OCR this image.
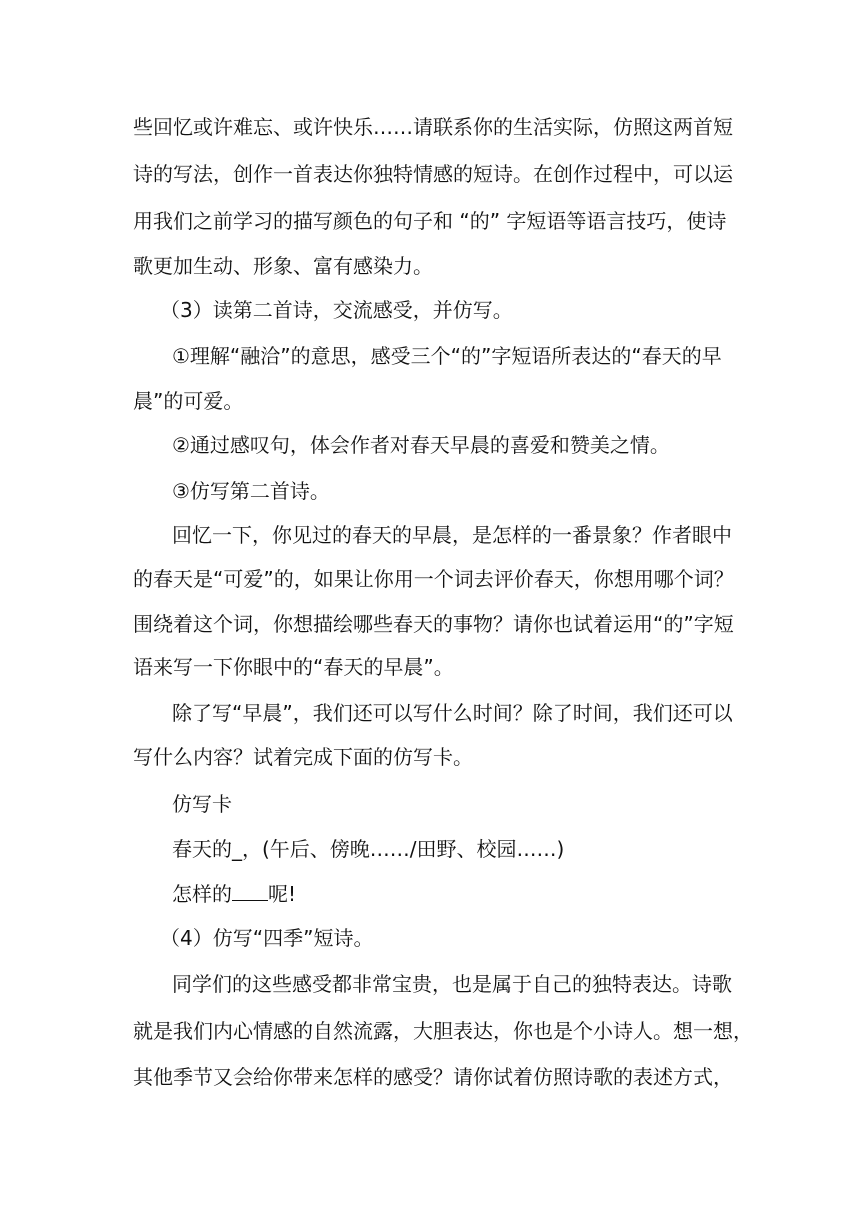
些回忆或许难忘、或许快乐……请联系你的生活实际，仿照这两首短

诗的写法，创作一首表达你独特情感的短诗。在创作过程中，可以运

用我们之前学习的描写颜色的句子和 “的” 字短语等语言技巧，使诗

歌更加生动、形象、富有感染力。

（3）读第二首诗，交流感受，并仿写。

①理解“融洽”的意思，感受三个“的”字短语所表达的“春天的早

晨”的可爱。

②通过感叹句，体会作者对春天早晨的喜爱和赞美之情。

③仿写第二首诗。

回忆一下，你见过的春天的早晨，是怎样的一番景象？作者眼中

的春天是“可爱”的，如果让你用一个词去评价春天，你想用哪个词？

围绕着这个词，你想描绘哪些春天的事物？请你也试着运用“的”字短

语来写一下你眼中的“春天的早晨”。

除了写“早晨”，我们还可以写什么时间？除了时间，我们还可以

写什么内容？试着完成下面的仿写卡。

仿写卡

春天的_，(午后、傍晚……/田野、校园……)

怎样的 呢!

（4）仿写“四季”短诗。

同学们的这些感受都非常宝贵，也是属于自己的独特表达。诗歌

就是我们内心情感的自然流露，大胆表达，你也是个小诗人。想一想，

其他季节又会给你带来怎样的感受？请你试着仿照诗歌的表述方式，
